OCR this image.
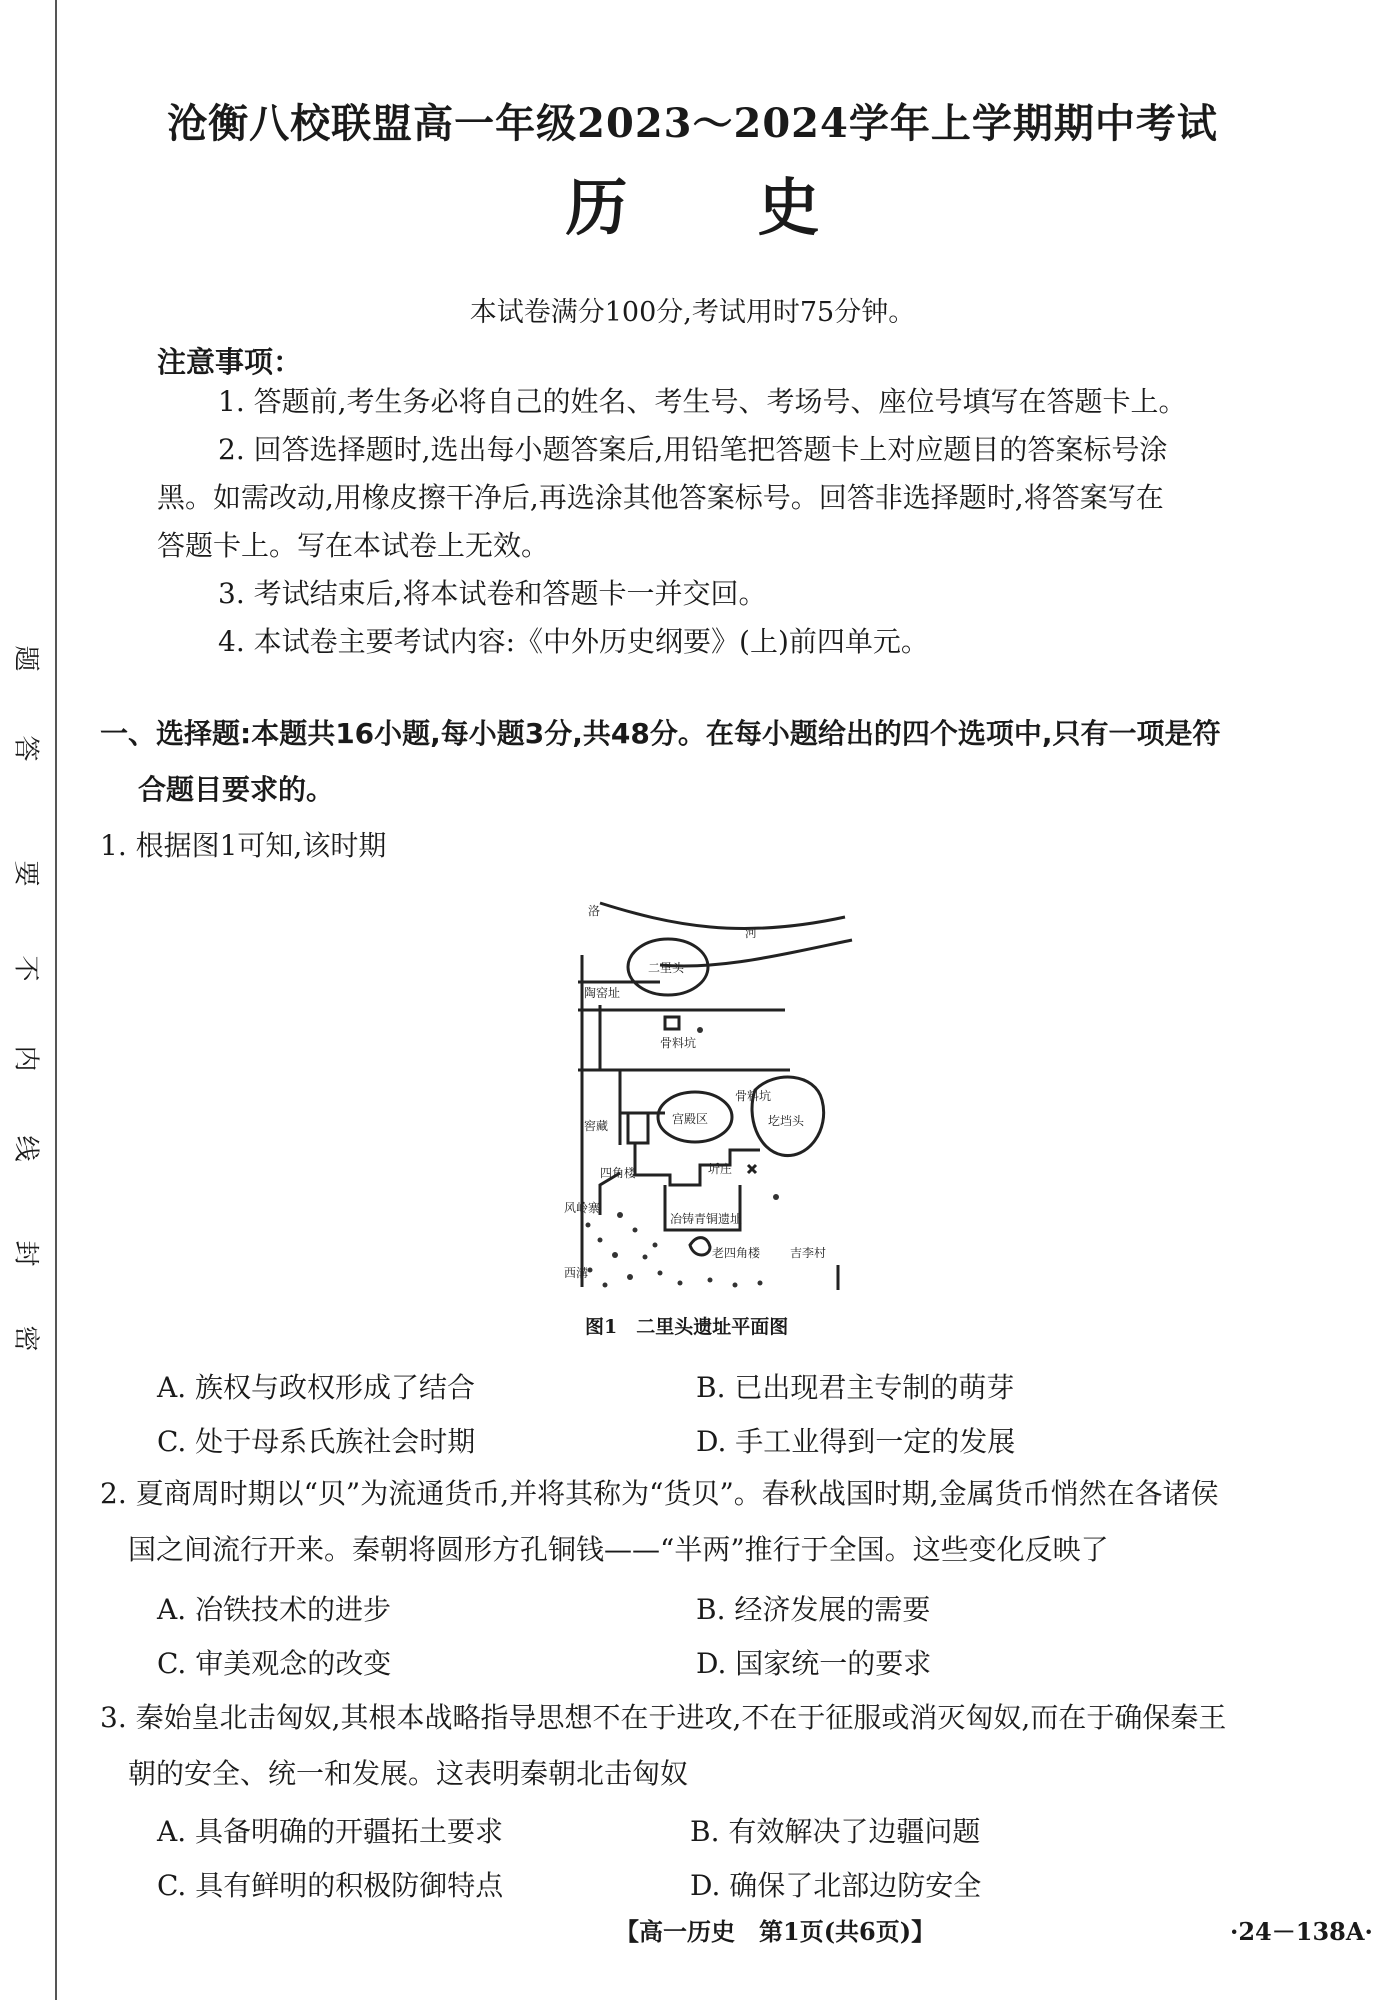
题
答
要
不
内
线
封
密
沧衡八校联盟高一年级2023～2024学年上学期期中考试
历史
本试卷满分100分,考试用时75分钟。
注意事项：
1. 答题前,考生务必将自己的姓名、考生号、考场号、座位号填写在答题卡上。
2. 回答选择题时,选出每小题答案后,用铅笔把答题卡上对应题目的答案标号涂
黑。如需改动,用橡皮擦干净后,再选涂其他答案标号。回答非选择题时,将答案写在
答题卡上。写在本试卷上无效。
3. 考试结束后,将本试卷和答题卡一并交回。
4. 本试卷主要考试内容:《中外历史纲要》(上)前四单元。
一、选择题:本题共16小题,每小题3分,共48分。在每小题给出的四个选项中,只有一项是符
合题目要求的。
1. 根据图1可知,该时期
洛
河
二里头
陶窑址
骨料坑
骨料坑
宫殿区
窖藏
四角楼
风岭寨
圻庄
冶铸青铜遗址
老四角楼 吉李村
圪垱头
西溝
图1　二里头遗址平面图
A. 族权与政权形成了结合	B. 已出现君主专制的萌芽
C. 处于母系氏族社会时期	D. 手工业得到一定的发展
2. 夏商周时期以“贝”为流通货币,并将其称为“货贝”。春秋战国时期,金属货币悄然在各诸侯
国之间流行开来。秦朝将圆形方孔铜钱——“半两”推行于全国。这些变化反映了
A. 冶铁技术的进步	B. 经济发展的需要
C. 审美观念的改变	D. 国家统一的要求
3. 秦始皇北击匈奴,其根本战略指导思想不在于进攻,不在于征服或消灭匈奴,而在于确保秦王
朝的安全、统一和发展。这表明秦朝北击匈奴
A. 具备明确的开疆拓土要求	B. 有效解决了边疆问题
C. 具有鲜明的积极防御特点	D. 确保了北部边防安全
【高一历史　第1页(共6页)】	·24－138A·
